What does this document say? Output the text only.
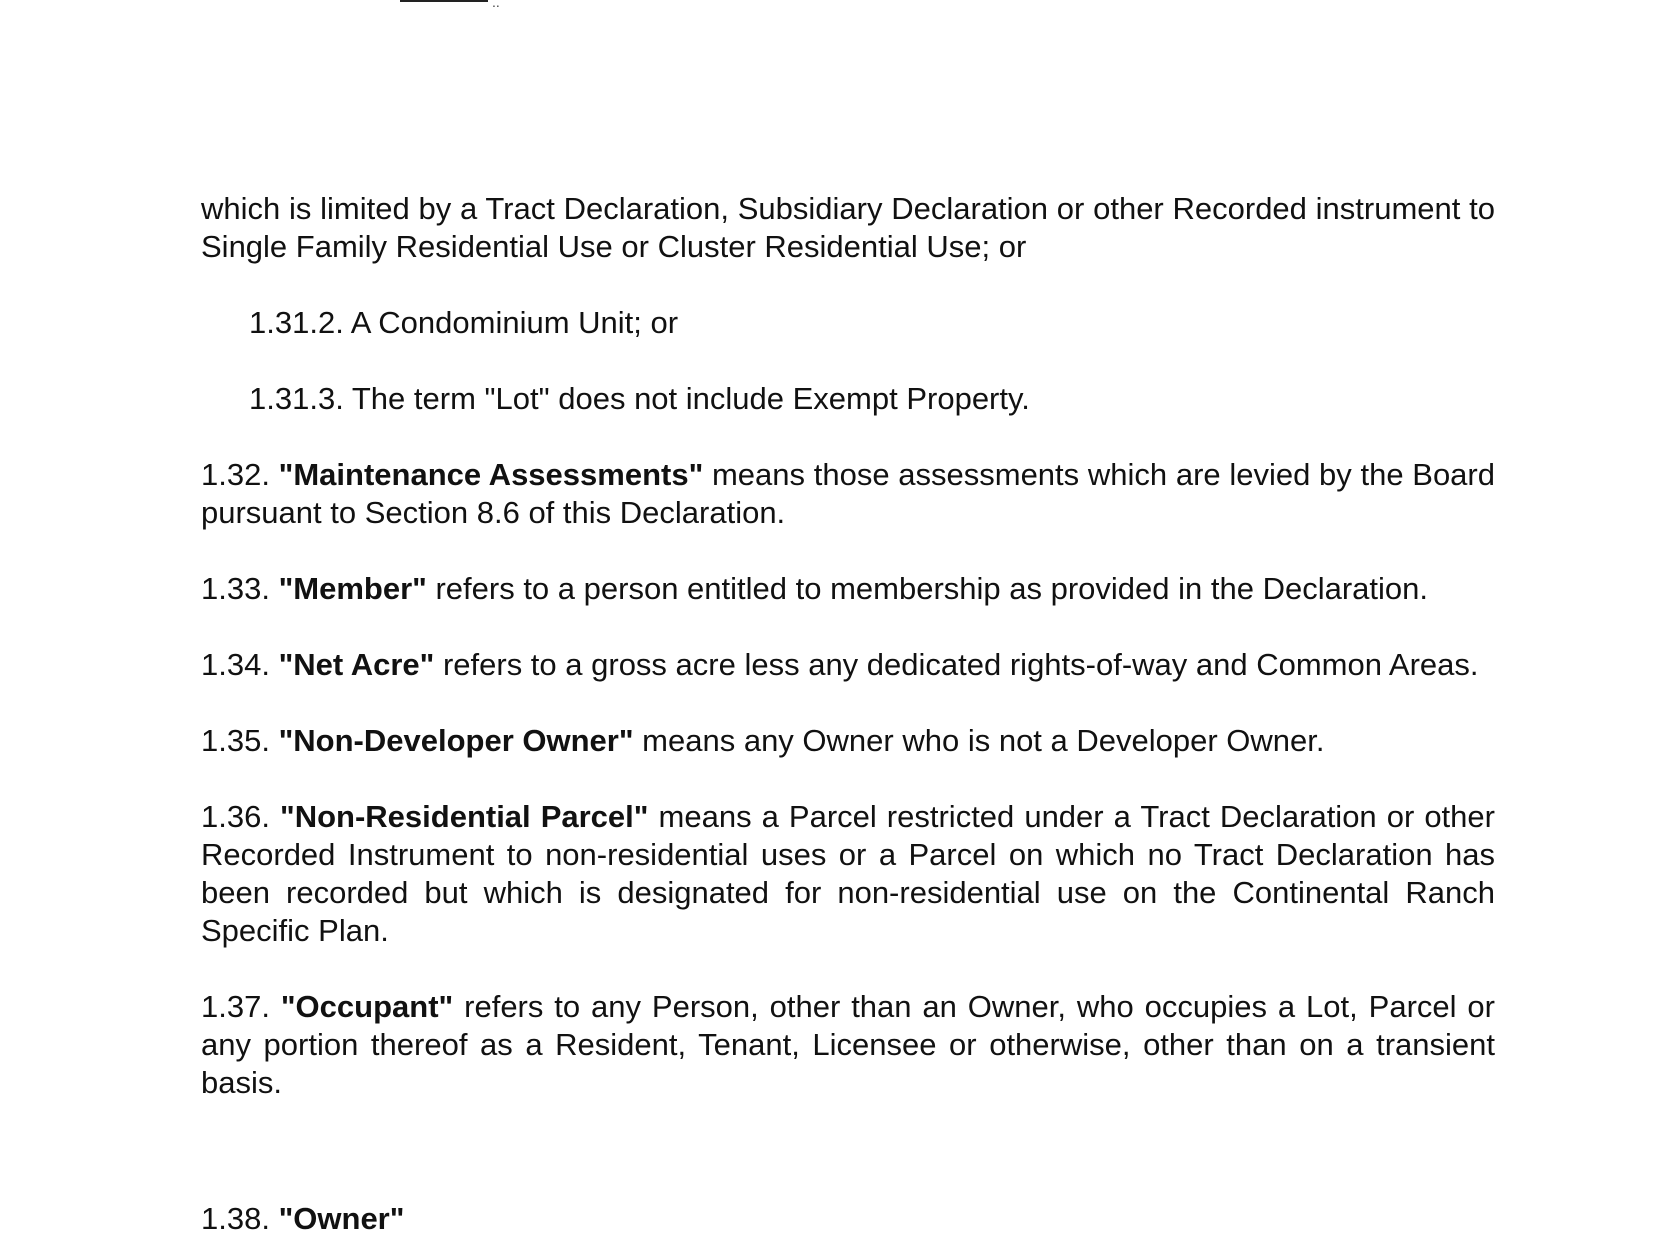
..

which is limited by a Tract Declaration, Subsidiary Declaration or other Recorded instrument to Single Family Residential Use or Cluster Residential Use; or

1.31.2. A Condominium Unit; or

1.31.3. The term "Lot" does not include Exempt Property.

1.32. "Maintenance Assessments" means those assessments which are levied by the Board pursuant to Section 8.6 of this Declaration.

1.33. "Member" refers to a person entitled to membership as provided in the Declaration.

1.34. "Net Acre" refers to a gross acre less any dedicated rights-of-way and Common Areas.

1.35. "Non-Developer Owner" means any Owner who is not a Developer Owner.

1.36. "Non-Residential Parcel" means a Parcel restricted under a Tract Declaration or other Recorded Instrument to non-residential uses or a Parcel on which no Tract Declaration has been recorded but which is designated for non-residential use on the Continental Ranch Specific Plan.

1.37. "Occupant" refers to any Person, other than an Owner, who occupies a Lot, Parcel or any portion thereof as a Resident, Tenant, Licensee or otherwise, other than on a transient basis.

1.38. "Owner"
